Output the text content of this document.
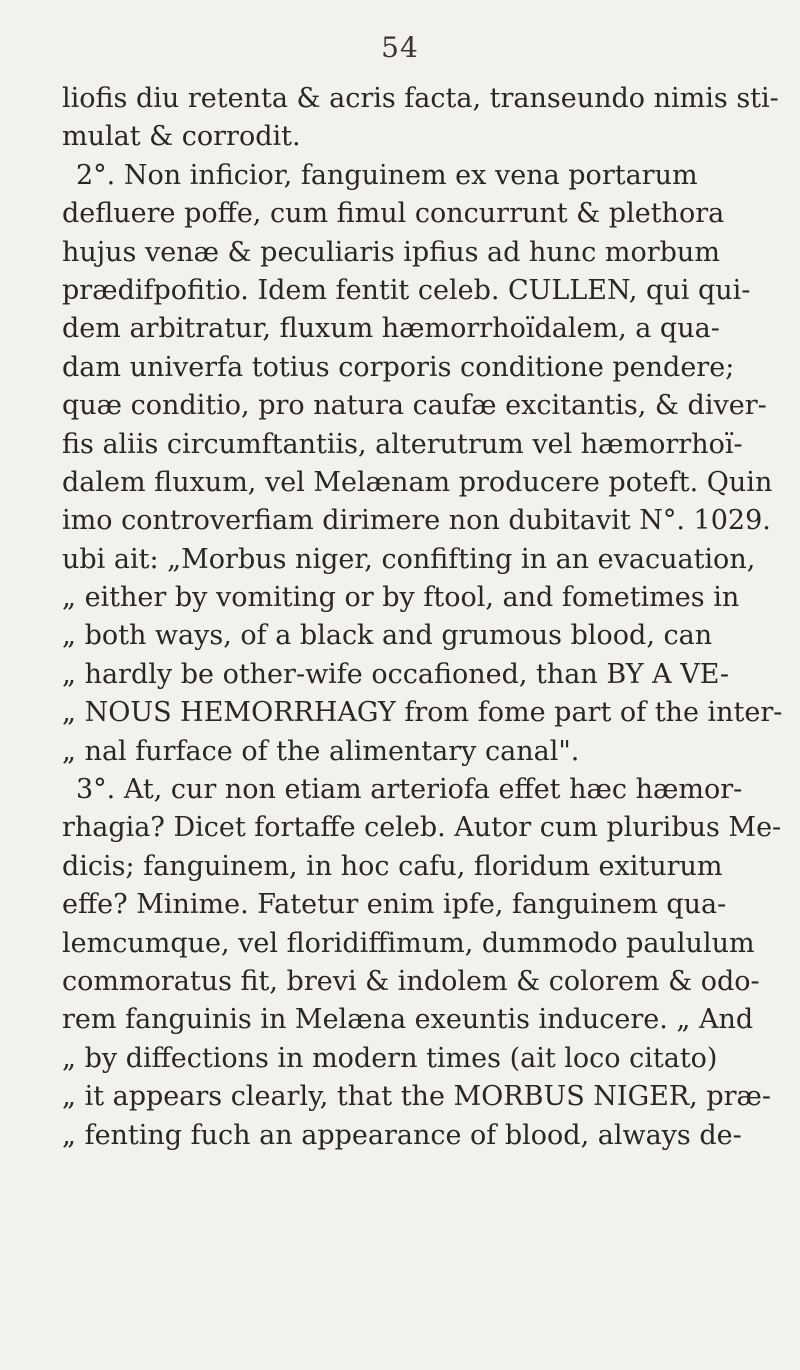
54
liofis diu retenta & acris facta, transeundo nimis sti-
mulat & corrodit.
2°. Non inficior, fanguinem ex vena portarum
defluere poffe, cum fimul concurrunt & plethora
hujus venæ & peculiaris ipfius ad hunc morbum
prædifpofitio. Idem fentit celeb. CULLEN, qui qui-
dem arbitratur, fluxum hæmorrhoïdalem, a qua-
dam univerfa totius corporis conditione pendere;
quæ conditio, pro natura caufæ excitantis, & diver-
fis aliis circumftantiis, alterutrum vel hæmorrhoï-
dalem fluxum, vel Melænam producere poteft. Quin
imo controverfiam dirimere non dubitavit N°. 1029.
ubi ait: „Morbus niger, confifting in an evacuation,
„ either by vomiting or by ftool, and fometimes in
„ both ways, of a black and grumous blood, can
„ hardly be other-wife occafioned, than BY A VE-
„ NOUS HEMORRHAGY from fome part of the inter-
„ nal furface of the alimentary canal".
3°. At, cur non etiam arteriofa effet hæc hæmor-
rhagia? Dicet fortaffe celeb. Autor cum pluribus Me-
dicis; fanguinem, in hoc cafu, floridum exiturum
effe? Minime. Fatetur enim ipfe, fanguinem qua-
lemcumque, vel floridiffimum, dummodo paululum
commoratus fit, brevi & indolem & colorem & odo-
rem fanguinis in Melæna exeuntis inducere. „ And
„ by diffections in modern times (ait loco citato)
„ it appears clearly, that the MORBUS NIGER, præ-
„ fenting fuch an appearance of blood, always de-
